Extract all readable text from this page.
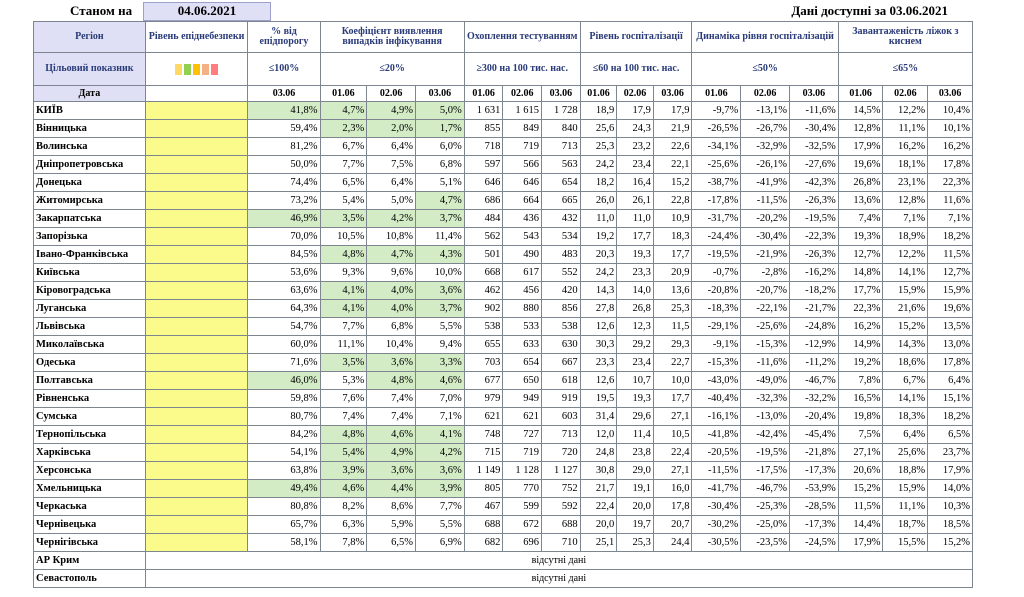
Станом на	04.06.2021	Дані доступні за 03.06.2021
Регіон	Рівень епіднебезпеки	% від епідпорогу	Коефіцієнт виявлення випадків інфікування			Охоплення тестуванням			Рівень госпіталізації			Динаміка рівня госпіталізацій			Завантаженість ліжок з киснем		
Цільовий показник		≤100%	≤20%			≥300 на 100 тис. нас.			≤60 на 100 тис. нас.			≤50%			≤65%		
Дата		03.06	01.06	02.06	03.06	01.06	02.06	03.06	01.06	02.06	03.06	01.06	02.06	03.06	01.06	02.06	03.06
КИЇВ		41,8%	4,7%	4,9%	5,0%	1 631	1 615	1 728	18,9	17,9	17,9	-9,7%	-13,1%	-11,6%	14,5%	12,2%	10,4%
Вінницька		59,4%	2,3%	2,0%	1,7%	855	849	840	25,6	24,3	21,9	-26,5%	-26,7%	-30,4%	12,8%	11,1%	10,1%
Волинська		81,2%	6,7%	6,4%	6,0%	718	719	713	25,3	23,2	22,6	-34,1%	-32,9%	-32,5%	17,9%	16,2%	16,2%
Дніпропетровська		50,0%	7,7%	7,5%	6,8%	597	566	563	24,2	23,4	22,1	-25,6%	-26,1%	-27,6%	19,6%	18,1%	17,8%
Донецька		74,4%	6,5%	6,4%	5,1%	646	646	654	18,2	16,4	15,2	-38,7%	-41,9%	-42,3%	26,8%	23,1%	22,3%
Житомирська		73,2%	5,4%	5,0%	4,7%	686	664	665	26,0	26,1	22,8	-17,8%	-11,5%	-26,3%	13,6%	12,8%	11,6%
Закарпатська		46,9%	3,5%	4,2%	3,7%	484	436	432	11,0	11,0	10,9	-31,7%	-20,2%	-19,5%	7,4%	7,1%	7,1%
Запорізька		70,0%	10,5%	10,8%	11,4%	562	543	534	19,2	17,7	18,3	-24,4%	-30,4%	-22,3%	19,3%	18,9%	18,2%
Івано-Франківська		84,5%	4,8%	4,7%	4,3%	501	490	483	20,3	19,3	17,7	-19,5%	-21,9%	-26,3%	12,7%	12,2%	11,5%
Київська		53,6%	9,3%	9,6%	10,0%	668	617	552	24,2	23,3	20,9	-0,7%	-2,8%	-16,2%	14,8%	14,1%	12,7%
Кіровоградська		63,6%	4,1%	4,0%	3,6%	462	456	420	14,3	14,0	13,6	-20,8%	-20,7%	-18,2%	17,7%	15,9%	15,9%
Луганська		64,3%	4,1%	4,0%	3,7%	902	880	856	27,8	26,8	25,3	-18,3%	-22,1%	-21,7%	22,3%	21,6%	19,6%
Львівська		54,7%	7,7%	6,8%	5,5%	538	533	538	12,6	12,3	11,5	-29,1%	-25,6%	-24,8%	16,2%	15,2%	13,5%
Миколаївська		60,0%	11,1%	10,4%	9,4%	655	633	630	30,3	29,2	29,3	-9,1%	-15,3%	-12,9%	14,9%	14,3%	13,0%
Одеська		71,6%	3,5%	3,6%	3,3%	703	654	667	23,3	23,4	22,7	-15,3%	-11,6%	-11,2%	19,2%	18,6%	17,8%
Полтавська		46,0%	5,3%	4,8%	4,6%	677	650	618	12,6	10,7	10,0	-43,0%	-49,0%	-46,7%	7,8%	6,7%	6,4%
Рівненська		59,8%	7,6%	7,4%	7,0%	979	949	919	19,5	19,3	17,7	-40,4%	-32,3%	-32,2%	16,5%	14,1%	15,1%
Сумська		80,7%	7,4%	7,4%	7,1%	621	621	603	31,4	29,6	27,1	-16,1%	-13,0%	-20,4%	19,8%	18,3%	18,2%
Тернопільська		84,2%	4,8%	4,6%	4,1%	748	727	713	12,0	11,4	10,5	-41,8%	-42,4%	-45,4%	7,5%	6,4%	6,5%
Харківська		54,1%	5,4%	4,9%	4,2%	715	719	720	24,8	23,8	22,4	-20,5%	-19,5%	-21,8%	27,1%	25,6%	23,7%
Херсонська		63,8%	3,9%	3,6%	3,6%	1 149	1 128	1 127	30,8	29,0	27,1	-11,5%	-17,5%	-17,3%	20,6%	18,8%	17,9%
Хмельницька		49,4%	4,6%	4,4%	3,9%	805	770	752	21,7	19,1	16,0	-41,7%	-46,7%	-53,9%	15,2%	15,9%	14,0%
Черкаська		80,8%	8,2%	8,6%	7,7%	467	599	592	22,4	20,0	17,8	-30,4%	-25,3%	-28,5%	11,5%	11,1%	10,3%
Чернівецька		65,7%	6,3%	5,9%	5,5%	688	672	688	20,0	19,7	20,7	-30,2%	-25,0%	-17,3%	14,4%	18,7%	18,5%
Чернігівська		58,1%	7,8%	6,5%	6,9%	682	696	710	25,1	25,3	24,4	-30,5%	-23,5%	-24,5%	17,9%	15,5%	15,2%
АР Крим	відсутні дані																
Севастополь	відсутні дані																
